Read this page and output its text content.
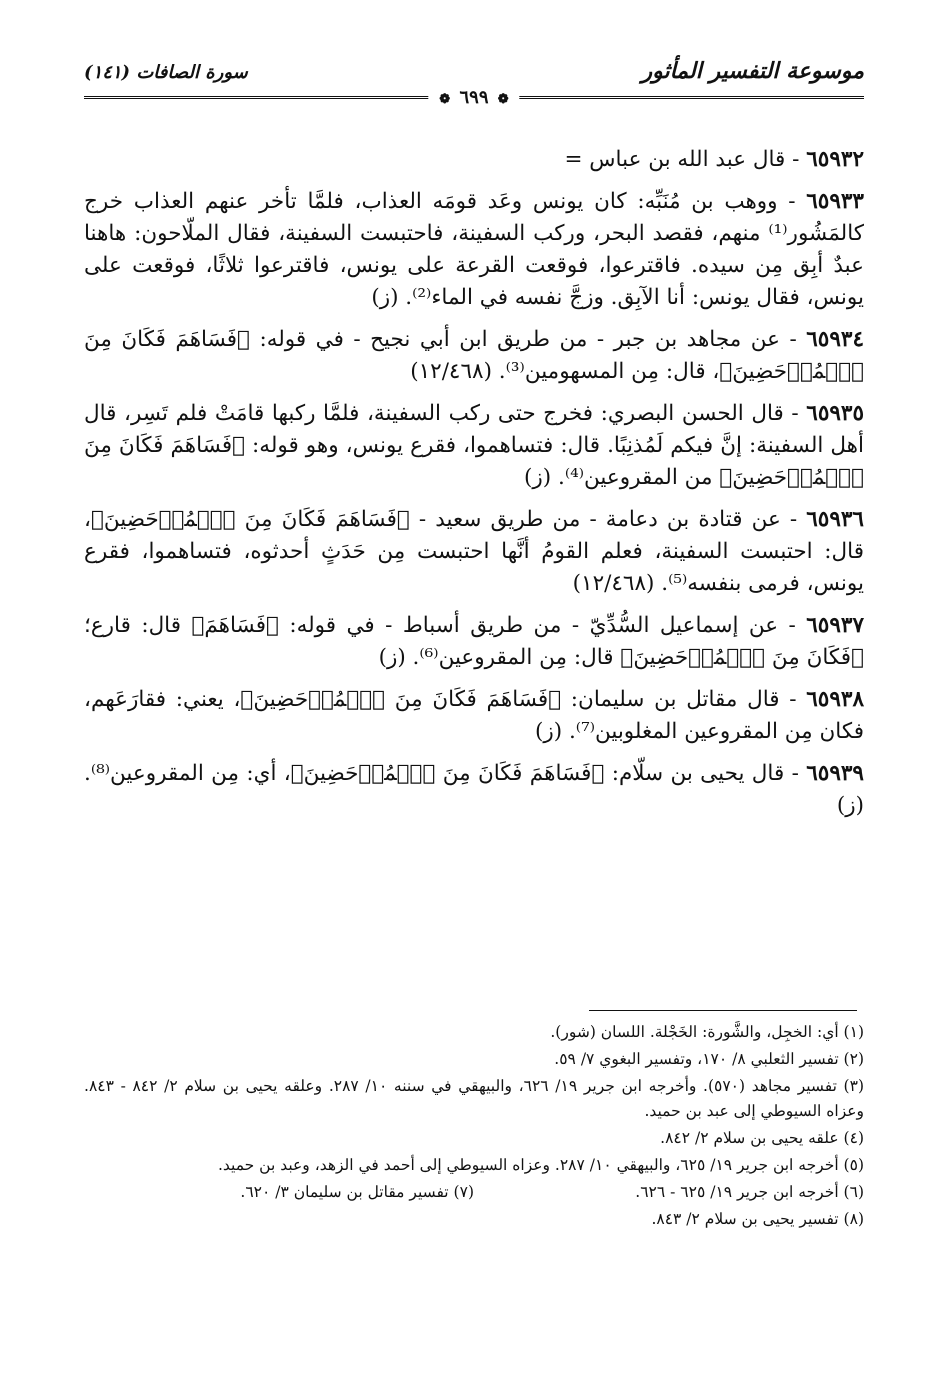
موسوعة التفسير المأثور
سورة الصافات (١٤١)
❁ ٦٩٩ ❁
٦٥٩٣٢ - قال عبد الله بن عباس =
٦٥٩٣٣ - ووهب بن مُنَبِّه: كان يونس وعَد قومَه العذاب، فلمَّا تأخر عنهم العذاب خرج كالمَشُور⁽¹⁾ منهم، فقصد البحر، وركب السفينة، فاحتبست السفينة، فقال الملّاحون: هاهنا عبدٌ أبِق مِن سيده. فاقترعوا، فوقعت القرعة على يونس، فاقترعوا ثلاثًا، فوقعت على يونس، فقال يونس: أنا الآبِق. وزجَّ نفسه في الماء⁽²⁾. (ز)
٦٥٩٣٤ - عن مجاهد بن جبر - من طريق ابن أبي نجيح - في قوله: ﴿فَسَاهَمَ فَكَانَ مِنَ ٱلۡمُدۡحَضِينَ﴾، قال: مِن المسهومين⁽³⁾. (١٢/٤٦٨)
٦٥٩٣٥ - قال الحسن البصري: فخرج حتى ركب السفينة، فلمَّا ركبها قامَتْ فلم تَسِر، قال أهل السفينة: إنَّ فيكم لَمُذنِبًا. قال: فتساهموا، فقرع يونس، وهو قوله: ﴿فَسَاهَمَ فَكَانَ مِنَ ٱلۡمُدۡحَضِينَ﴾ من المقروعين⁽⁴⁾. (ز)
٦٥٩٣٦ - عن قتادة بن دعامة - من طريق سعيد - ﴿فَسَاهَمَ فَكَانَ مِنَ ٱلۡمُدۡحَضِينَ﴾، قال: احتبست السفينة، فعلم القومُ أنَّها احتبست مِن حَدَثٍ أحدثوه، فتساهموا، فقرع يونس، فرمى بنفسه⁽⁵⁾. (١٢/٤٦٨)
٦٥٩٣٧ - عن إسماعيل السُّدِّيّ - من طريق أسباط - في قوله: ﴿فَسَاهَمَ﴾ قال: قارع؛ ﴿فَكَانَ مِنَ ٱلۡمُدۡحَضِينَ﴾ قال: مِن المقروعين⁽⁶⁾. (ز)
٦٥٩٣٨ - قال مقاتل بن سليمان: ﴿فَسَاهَمَ فَكَانَ مِنَ ٱلۡمُدۡحَضِينَ﴾، يعني: فقارَعَهم، فكان مِن المقروعين المغلوبين⁽⁷⁾. (ز)
٦٥٩٣٩ - قال يحيى بن سلّام: ﴿فَسَاهَمَ فَكَانَ مِنَ ٱلۡمُدۡحَضِينَ﴾، أي: مِن المقروعين⁽⁸⁾. (ز)
(١) أي: الخجِل، والشَّورة: الخَجْلة. اللسان (شور).
(٢) تفسير الثعلبي ٨/ ١٧٠، وتفسير البغوي ٧/ ٥٩.
(٣) تفسير مجاهد (٥٧٠). وأخرجه ابن جرير ١٩/ ٦٢٦، والبيهقي في سننه ١٠/ ٢٨٧. وعلقه يحيى بن سلام ٢/ ٨٤٢ - ٨٤٣. وعزاه السيوطي إلى عبد بن حميد.
(٤) علقه يحيى بن سلام ٢/ ٨٤٢.
(٥) أخرجه ابن جرير ١٩/ ٦٢٥، والبيهقي ١٠/ ٢٨٧. وعزاه السيوطي إلى أحمد في الزهد، وعبد بن حميد.
(٦) أخرجه ابن جرير ١٩/ ٦٢٥ - ٦٢٦.
(٧) تفسير مقاتل بن سليمان ٣/ ٦٢٠.
(٨) تفسير يحيى بن سلام ٢/ ٨٤٣.
